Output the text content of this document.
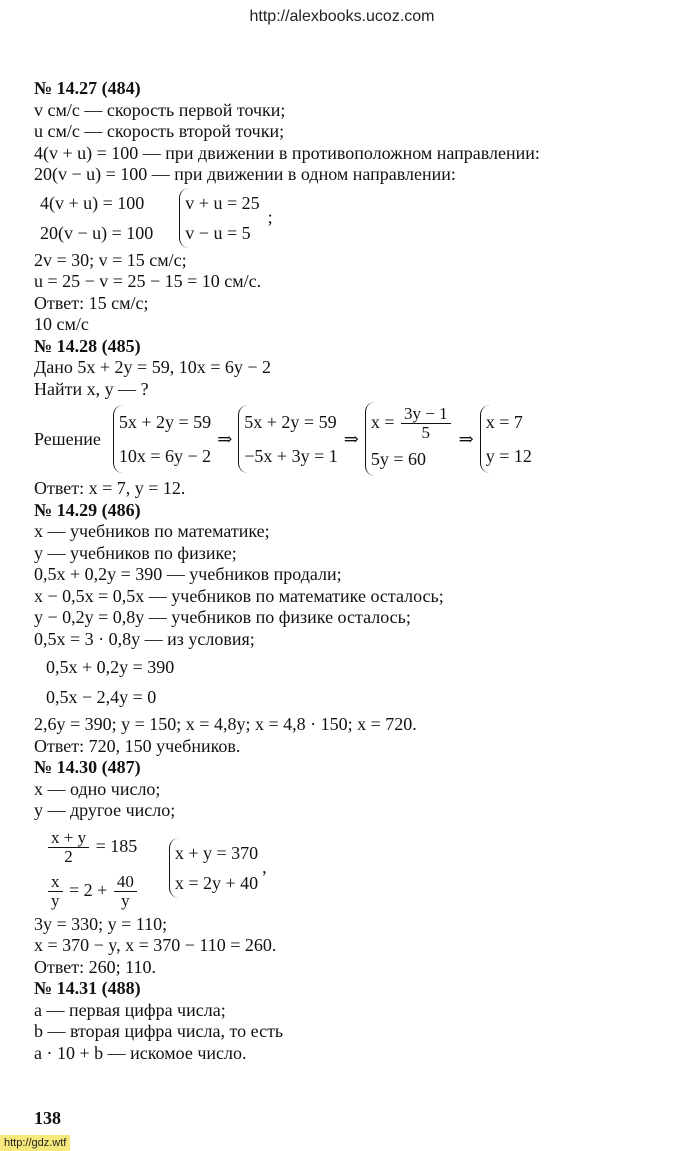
http://alexbooks.ucoz.com
№ 14.27 (484)
v см/с — скорость первой точки;
u см/с — скорость второй точки;
4(v + u) = 100 — при движении в противоположном направлении:
20(v − u) = 100 — при движении в одном направлении:
4(v + u) = 100
20(v − u) = 100
v + u = 25
v − u = 5
;
2v = 30; v = 15 см/с;
u = 25 − v = 25 − 15 = 10 см/с.
Ответ: 15 см/с;
10 см/с
№ 14.28 (485)
Дано 5x + 2y = 59, 10x = 6y − 2
Найти x, y — ?
Решение
5x + 2y = 59
10x = 6y − 2
⇒
5x + 2y = 59
−5x + 3y = 1
⇒
$x = \frac{3y - 1}{5}$
5y = 60
⇒
x = 7
y = 12
Ответ: x = 7, y = 12.
№ 14.29 (486)
x — учебников по математике;
y — учебников по физике;
0,5x + 0,2y = 390 — учебников продали;
x − 0,5x = 0,5x — учебников по математике осталось;
y − 0,2y = 0,8y — учебников по физике осталось;
0,5x = 3 · 0,8y — из условия;
0,5x + 0,2y = 390
0,5x − 2,4y = 0
2,6y = 390; y = 150; x = 4,8y; x = 4,8 · 150; x = 720.
Ответ: 720, 150 учебников.
№ 14.30 (487)
x — одно число;
y — другое число;
$\frac{x + y}{2} = 185$
$\frac{x}{y} = 2 + \frac{40}{y}$
x + y = 370
x = 2y + 40
,
3y = 330; y = 110;
x = 370 − y, x = 370 − 110 = 260.
Ответ: 260; 110.
№ 14.31 (488)
a — первая цифра числа;
b — вторая цифра числа, то есть
a · 10 + b — искомое число.
138
http://gdz.wtf
